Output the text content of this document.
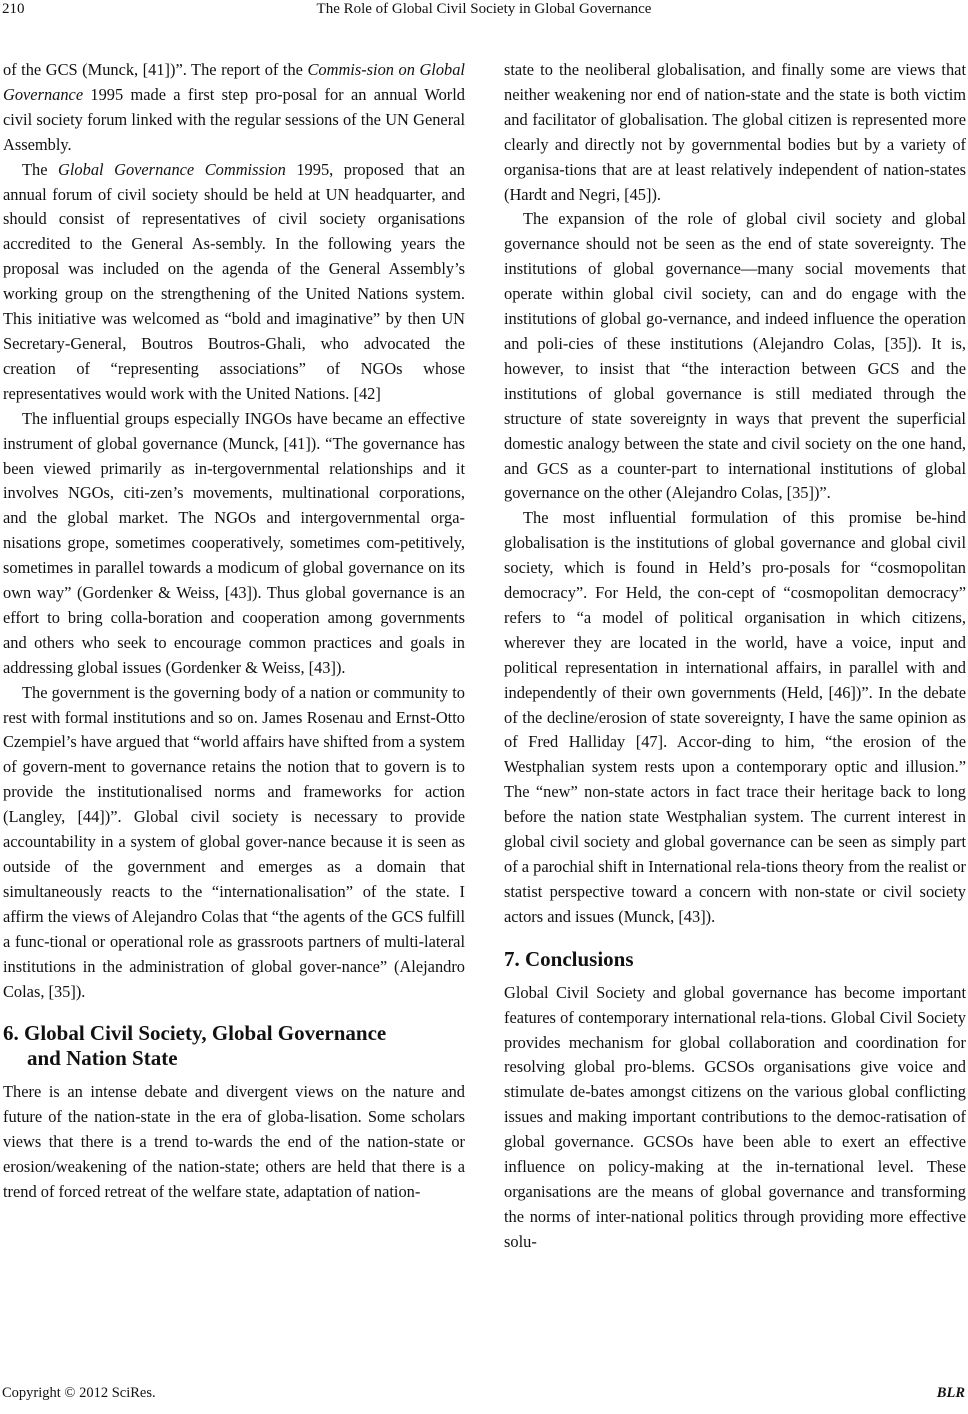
210	The Role of Global Civil Society in Global Governance

of the GCS (Munck, [41])”. The report of the Commis-sion on Global Governance 1995 made a first step pro-posal for an annual World civil society forum linked with the regular sessions of the UN General Assembly.

The Global Governance Commission 1995, proposed that an annual forum of civil society should be held at UN headquarter, and should consist of representatives of civil society organisations accredited to the General As-sembly. In the following years the proposal was included on the agenda of the General Assembly’s working group on the strengthening of the United Nations system. This initiative was welcomed as “bold and imaginative” by then UN Secretary-General, Boutros Boutros-Ghali, who advocated the creation of “representing associations” of NGOs whose representatives would work with the United Nations. [42]

The influential groups especially INGOs have became an effective instrument of global governance (Munck, [41]). “The governance has been viewed primarily as in-tergovernmental relationships and it involves NGOs, citi-zen’s movements, multinational corporations, and the global market. The NGOs and intergovernmental orga-nisations grope, sometimes cooperatively, sometimes com-petitively, sometimes in parallel towards a modicum of global governance on its own way” (Gordenker & Weiss, [43]). Thus global governance is an effort to bring colla-boration and cooperation among governments and others who seek to encourage common practices and goals in addressing global issues (Gordenker & Weiss, [43]).

The government is the governing body of a nation or community to rest with formal institutions and so on. James Rosenau and Ernst-Otto Czempiel’s have argued that “world affairs have shifted from a system of govern-ment to governance retains the notion that to govern is to provide the institutionalised norms and frameworks for action (Langley, [44])”. Global civil society is necessary to provide accountability in a system of global gover-nance because it is seen as outside of the government and emerges as a domain that simultaneously reacts to the “internationalisation” of the state. I affirm the views of Alejandro Colas that “the agents of the GCS fulfill a func-tional or operational role as grassroots partners of multi-lateral institutions in the administration of global gover-nance” (Alejandro Colas, [35]).

6. Global Civil Society, Global Governance
and Nation State

There is an intense debate and divergent views on the nature and future of the nation-state in the era of globa-lisation. Some scholars views that there is a trend to-wards the end of the nation-state or erosion/weakening of the nation-state; others are held that there is a trend of forced retreat of the welfare state, adaptation of nation-

state to the neoliberal globalisation, and finally some are views that neither weakening nor end of nation-state and the state is both victim and facilitator of globalisation. The global citizen is represented more clearly and directly not by governmental bodies but by a variety of organisa-tions that are at least relatively independent of nation-states (Hardt and Negri, [45]).

The expansion of the role of global civil society and global governance should not be seen as the end of state sovereignty. The institutions of global governance—many social movements that operate within global civil society, can and do engage with the institutions of global go-vernance, and indeed influence the operation and poli-cies of these institutions (Alejandro Colas, [35]). It is, however, to insist that “the interaction between GCS and the institutions of global governance is still mediated through the structure of state sovereignty in ways that prevent the superficial domestic analogy between the state and civil society on the one hand, and GCS as a counter-part to international institutions of global governance on the other (Alejandro Colas, [35])”.

The most influential formulation of this promise be-hind globalisation is the institutions of global governance and global civil society, which is found in Held’s pro-posals for “cosmopolitan democracy”. For Held, the con-cept of “cosmopolitan democracy” refers to “a model of political organisation in which citizens, wherever they are located in the world, have a voice, input and political representation in international affairs, in parallel with and independently of their own governments (Held, [46])”. In the debate of the decline/erosion of state sovereignty, I have the same opinion as of Fred Halliday [47]. Accor-ding to him, “the erosion of the Westphalian system rests upon a contemporary optic and illusion.” The “new” non-state actors in fact trace their heritage back to long before the nation state Westphalian system. The current interest in global civil society and global governance can be seen as simply part of a parochial shift in International rela-tions theory from the realist or statist perspective toward a concern with non-state or civil society actors and issues (Munck, [43]).

7. Conclusions

Global Civil Society and global governance has become important features of contemporary international rela-tions. Global Civil Society provides mechanism for global collaboration and coordination for resolving global pro-blems. GCSOs organisations give voice and stimulate de-bates amongst citizens on the various global conflicting issues and making important contributions to the democ-ratisation of global governance. GCSOs have been able to exert an effective influence on policy-making at the in-ternational level. These organisations are the means of global governance and transforming the norms of inter-national politics through providing more effective solu-

Copyright © 2012 SciRes.	BLR
